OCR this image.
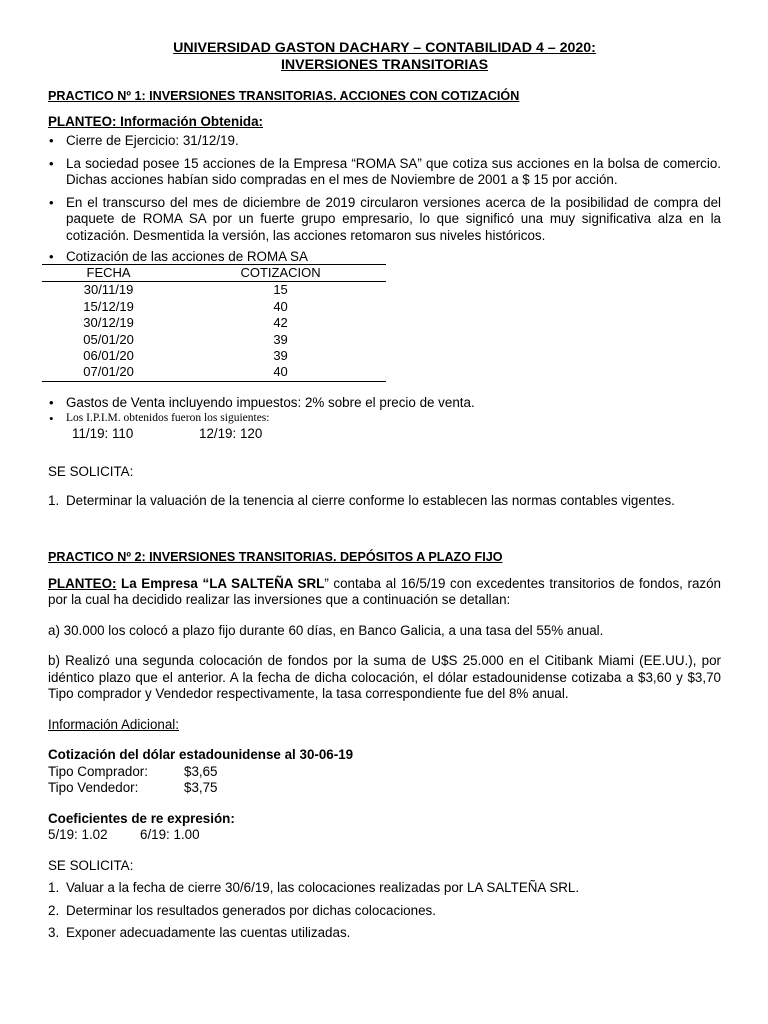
UNIVERSIDAD GASTON DACHARY – CONTABILIDAD 4 – 2020:
INVERSIONES TRANSITORIAS
PRACTICO Nº 1: INVERSIONES TRANSITORIAS. ACCIONES CON COTIZACIÓN
PLANTEO: Información Obtenida:
• Cierre de Ejercicio: 31/12/19.
• La sociedad posee 15 acciones de la Empresa “ROMA SA” que cotiza sus acciones en la bolsa de comercio. Dichas acciones habían sido compradas en el mes de Noviembre de 2001 a $ 15 por acción.
• En el transcurso del mes de diciembre de 2019 circularon versiones acerca de la posibilidad de compra del paquete de ROMA SA por un fuerte grupo empresario, lo que significó una muy significativa alza en la cotización. Desmentida la versión, las acciones retomaron sus niveles históricos.
• Cotización de las acciones de ROMA SA
FECHA	COTIZACION
30/11/19	15
15/12/19	40
30/12/19	42
05/01/20	39
06/01/20	39
07/01/20	40
• Gastos de Venta incluyendo impuestos: 2% sobre el precio de venta.
• Los I.P.I.M. obtenidos fueron los siguientes:

11/19: 110	12/19: 120

SE SOLICITA:

1. Determinar la valuación de la tenencia al cierre conforme lo establecen las normas contables vigentes.
PRACTICO Nº 2: INVERSIONES TRANSITORIAS. DEPÓSITOS A PLAZO FIJO

PLANTEO: La Empresa “LA SALTEÑA SRL” contaba al 16/5/19 con excedentes transitorios de fondos, razón por la cual ha decidido realizar las inversiones que a continuación se detallan:

a) 30.000 los colocó a plazo fijo durante 60 días, en Banco Galicia, a una tasa del 55% anual.

b) Realizó una segunda colocación de fondos por la suma de U$S 25.000 en el Citibank Miami (EE.UU.), por idéntico plazo que el anterior. A la fecha de dicha colocación, el dólar estadounidense cotizaba a $3,60 y $3,70 Tipo comprador y Vendedor respectivamente, la tasa correspondiente fue del 8% anual.

Información Adicional:

Cotización del dólar estadounidense al 30-06-19

Tipo Comprador:	$3,65

Tipo Vendedor:	$3,75

Coeficientes de re expresión:

5/19: 1.02 6/19: 1.00

SE SOLICITA:

1. Valuar a la fecha de cierre 30/6/19, las colocaciones realizadas por LA SALTEÑA SRL.
2. Determinar los resultados generados por dichas colocaciones.
3. Exponer adecuadamente las cuentas utilizadas.
